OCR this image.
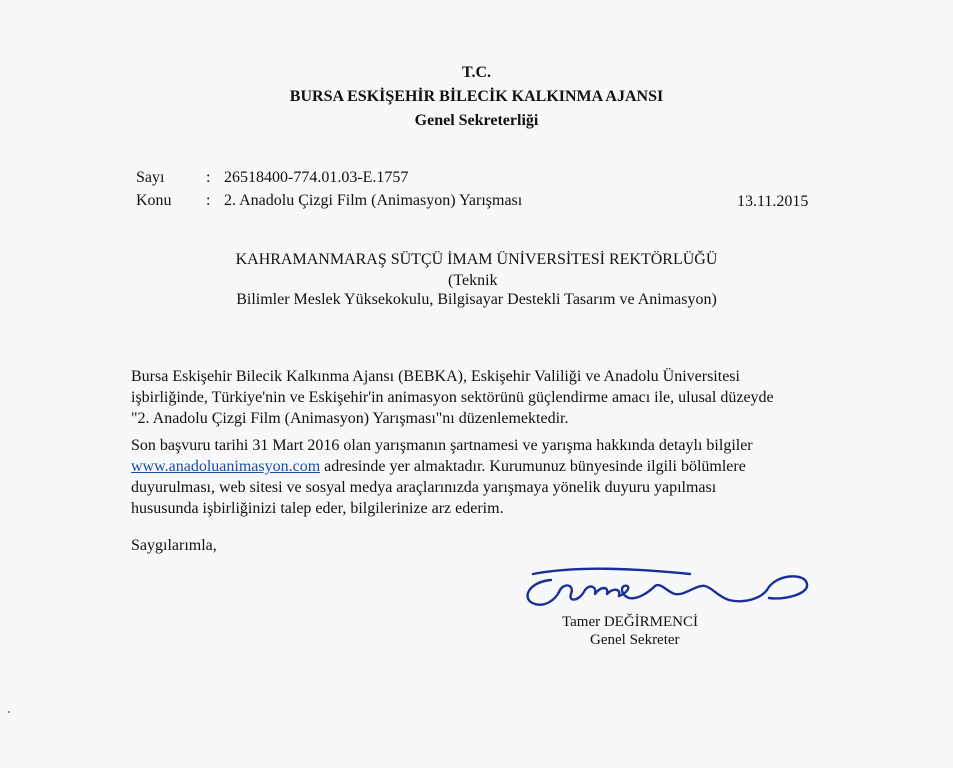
T.C.
BURSA ESKİŞEHİR BİLECİK KALKINMA AJANSI
Genel Sekreterliği
Sayı	: 26518400-774.01.03-E.1757
Konu : 2. Anadolu Çizgi Film (Animasyon) Yarışması	13.11.2015
KAHRAMANMARAŞ SÜTÇÜ İMAM ÜNİVERSİTESİ REKTÖRLÜĞÜ
(Teknik
Bilimler Meslek Yüksekokulu, Bilgisayar Destekli Tasarım ve Animasyon)
Bursa Eskişehir Bilecik Kalkınma Ajansı (BEBKA), Eskişehir Valiliği ve Anadolu Üniversitesi
işbirliğinde, Türkiye'nin ve Eskişehir'in animasyon sektörünü güçlendirme amacı ile, ulusal düzeyde
"2. Anadolu Çizgi Film (Animasyon) Yarışması"nı düzenlemektedir.
Son başvuru tarihi 31 Mart 2016 olan yarışmanın şartnamesi ve yarışma hakkında detaylı bilgiler
www.anadoluanimasyon.com adresinde yer almaktadır. Kurumunuz bünyesinde ilgili bölümlere
duyurulması, web sitesi ve sosyal medya araçlarınızda yarışmaya yönelik duyuru yapılması
hususunda işbirliğinizi talep eder, bilgilerinize arz ederim.
Saygılarımla,
Tamer DEĞİRMENCİ
Genel Sekreter
